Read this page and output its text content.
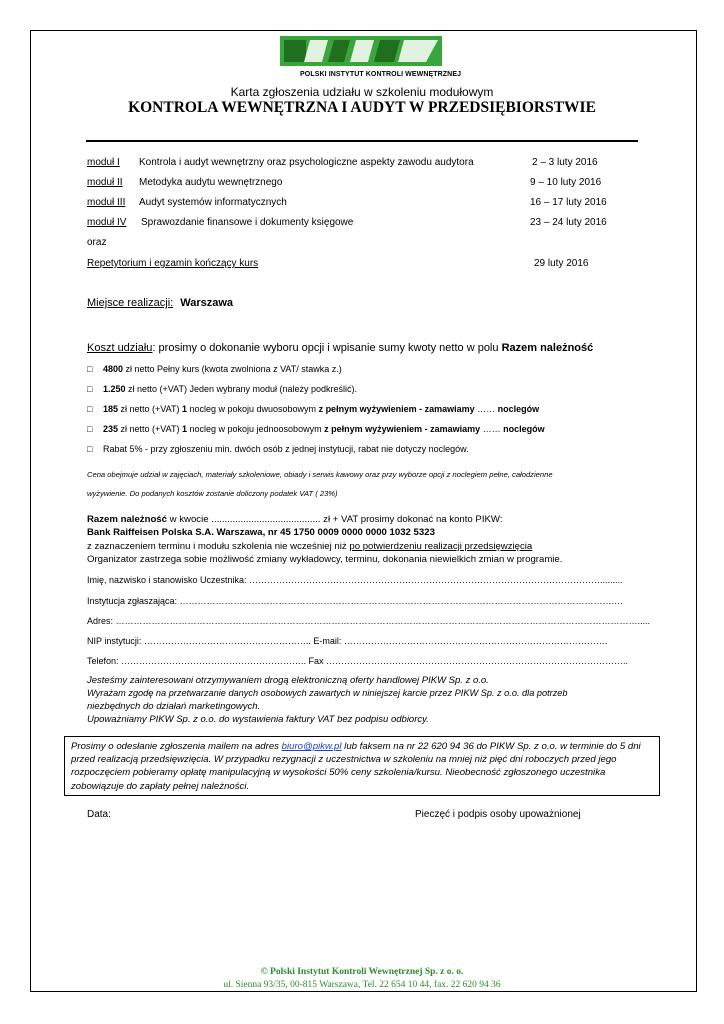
POLSKI INSTYTUT KONTROLI WEWNĘTRZNEJ
Karta zgłoszenia udziału w szkoleniu modułowym
KONTROLA WEWNĘTRZNA I AUDYT W PRZEDSIĘBIORSTWIE
moduł I Kontrola i audyt wewnętrzny oraz psychologiczne aspekty zawodu audytora	2 – 3 luty 2016
moduł II Metodyka audytu wewnętrznego	9 – 10 luty 2016
moduł III Audyt systemów informatycznych	16 – 17 luty 2016
moduł IV Sprawozdanie finansowe i dokumenty księgowe	23 – 24 luty 2016
oraz
Repetytorium i egzamin kończący kurs	29 luty 2016
Miejsce realizacji: Warszawa
Koszt udziału: prosimy o dokonanie wyboru opcji i wpisanie sumy kwoty netto w polu Razem należność
□ 4800 zł netto Pełny kurs (kwota zwolniona z VAT/ stawka z.)
□ 1.250 zł netto (+VAT) Jeden wybrany moduł (należy podkreślić).
□ 185 zł netto (+VAT) 1 nocleg w pokoju dwuosobowym z pełnym wyżywieniem - zamawiamy …… noclegów
□ 235 zł netto (+VAT) 1 nocleg w pokoju jednoosobowym z pełnym wyżywieniem - zamawiamy …… noclegów
□ Rabat 5% - przy zgłoszeniu min. dwóch osób z jednej instytucji, rabat nie dotyczy noclegów.
Cena obejmuje udział w zajęciach, materiały szkoleniowe, obiady i serwis kawowy oraz przy wyborze opcji z noclegiem pełne, całodzienne
wyżywienie. Do podanych kosztów zostanie doliczony podatek VAT ( 23%)
Razem należność w kwocie ......................................... zł + VAT prosimy dokonać na konto PIKW:
Bank Raiffeisen Polska S.A. Warszawa, nr 45 1750 0009 0000 0000 1032 5323
z zaznaczeniem terminu i modułu szkolenia nie wcześniej niż po potwierdzeniu realizacji przedsięwzięcia
Organizator zastrzega sobie możliwość zmiany wykładowcy, terminu, dokonania niewielkich zmian w programie.
Imię, nazwisko i stanowisko Uczestnika: ……………………………………………………………………………………………………….........
Instytucja zgłaszająca: ……………………………………………………………………………………………………………………………….…
Adres: ………………………………………………………………………………………………………………………………………………………….....
NIP instytucji: ……………………………………………….. E-mail: …………………………………………………………………………….
Telefon: …………………………………………………….. Fax ………………………………………………………………………………………..
Jesteśmy zainteresowani otrzymywaniem drogą elektroniczną oferty handlowej PIKW Sp. z o.o.
Wyrażam zgodę na przetwarzanie danych osobowych zawartych w niniejszej karcie przez PIKW Sp. z o.o. dla potrzeb
niezbędnych do działań marketingowych.
Upoważniamy PIKW Sp. z o.o. do wystawienia faktury VAT bez podpisu odbiorcy.
Prosimy o odesłanie zgłoszenia mailem na adres biuro@pikw.pl lub faksem na nr 22 620 94 36 do PIKW Sp. z o.o. w terminie do 5 dni przed realizacją przedsięwzięcia. W przypadku rezygnacji z uczestnictwa w szkoleniu na mniej niż pięć dni roboczych przed jego rozpoczęciem pobieramy opłatę manipulacyjną w wysokości 50% ceny szkolenia/kursu. Nieobecność zgłoszonego uczestnika zobowiązuje do zapłaty pełnej należności.
Data:	Pieczęć i podpis osoby upoważnionej
© Polski Instytut Kontroli Wewnętrznej Sp. z o. o.
ul. Sienna 93/35, 00-815 Warszawa, Tel. 22 654 10 44, fax. 22 620 94 36
